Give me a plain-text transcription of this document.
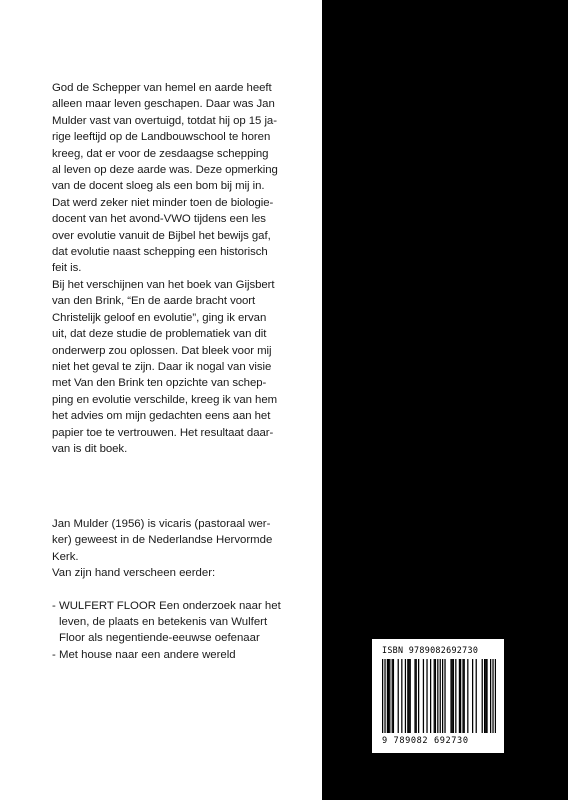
God de Schepper van hemel en aarde heeft
alleen maar leven geschapen. Daar was Jan
Mulder vast van overtuigd, totdat hij op 15 ja-
rige leeftijd op de Landbouwschool te horen
kreeg, dat er voor de zesdaagse schepping
al leven op deze aarde was. Deze opmerking
van de docent sloeg als een bom bij mij in.
Dat werd zeker niet minder toen de biologie-
docent van het avond-VWO tijdens een les
over evolutie vanuit de Bijbel het bewijs gaf,
dat evolutie naast schepping een historisch
feit is.
Bij het verschijnen van het boek van Gijsbert
van den Brink, “En de aarde bracht voort
Christelijk geloof en evolutie”, ging ik ervan
uit, dat deze studie de problematiek van dit
onderwerp zou oplossen. Dat bleek voor mij
niet het geval te zijn. Daar ik nogal van visie
met Van den Brink ten opzichte van schep-
ping en evolutie verschilde, kreeg ik van hem
het advies om mijn gedachten eens aan het
papier toe te vertrouwen. Het resultaat daar-
van is dit boek.
Jan Mulder (1956) is vicaris (pastoraal wer-
ker) geweest in de Nederlandse Hervormde
Kerk.
Van zijn hand verscheen eerder:
- WULFERT FLOOR Een onderzoek naar het
leven, de plaats en betekenis van Wulfert
Floor als negentiende-eeuwse oefenaar
- Met house naar een andere wereld	ISBN 9789082692730
9 789082 692730
